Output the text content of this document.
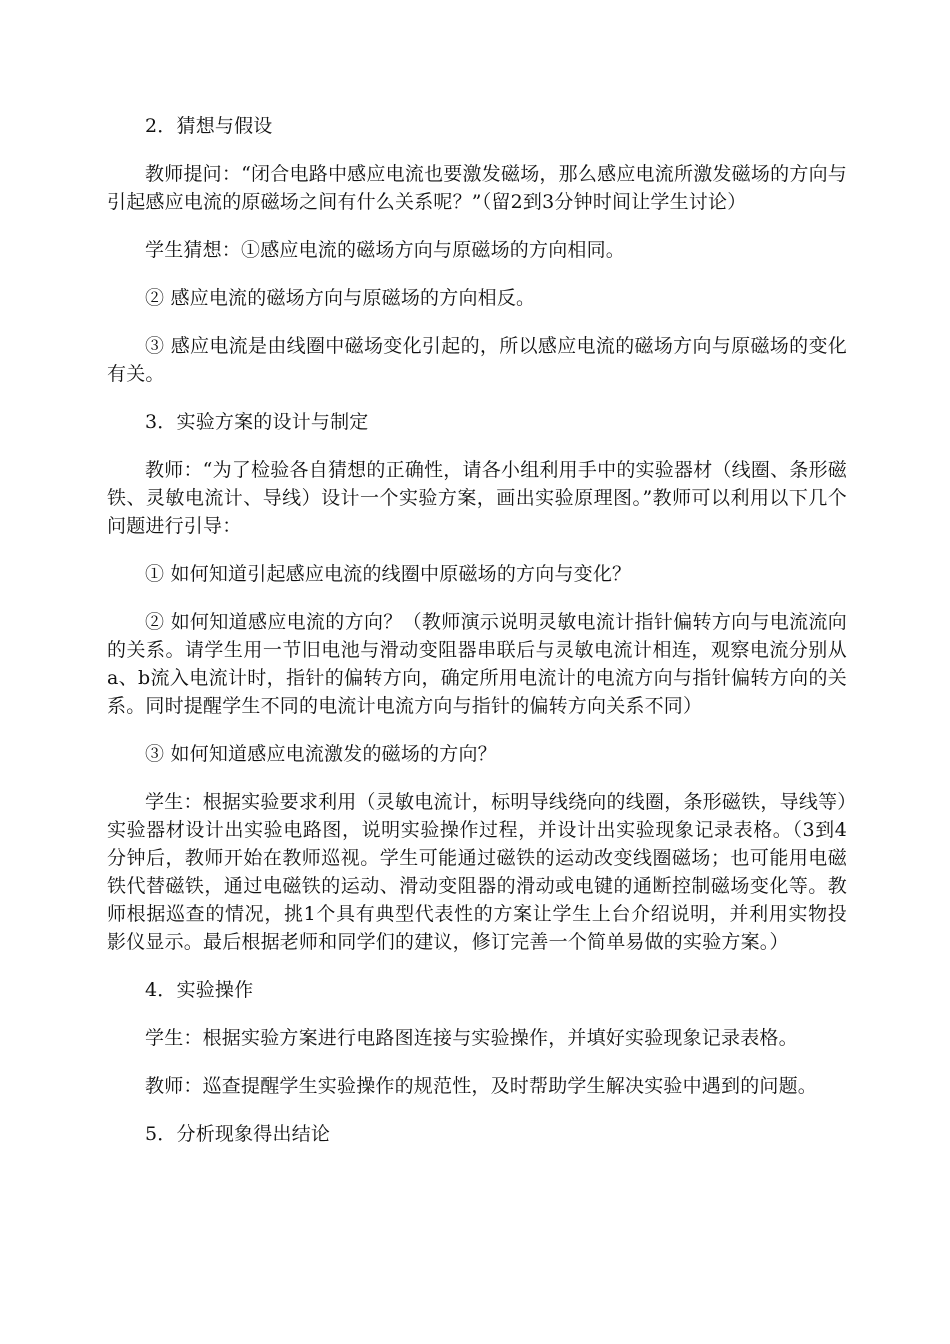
2．猜想与假设

教师提问：“闭合电路中感应电流也要激发磁场，那么感应电流所激发磁场的方向与引起感应电流的原磁场之间有什么关系呢？”（留2到3分钟时间让学生讨论）

学生猜想：①感应电流的磁场方向与原磁场的方向相同。

② 感应电流的磁场方向与原磁场的方向相反。

③ 感应电流是由线圈中磁场变化引起的，所以感应电流的磁场方向与原磁场的变化有关。

3．实验方案的设计与制定

教师：“为了检验各自猜想的正确性，请各小组利用手中的实验器材（线圈、条形磁铁、灵敏电流计、导线）设计一个实验方案，画出实验原理图。”教师可以利用以下几个问题进行引导：

① 如何知道引起感应电流的线圈中原磁场的方向与变化？

② 如何知道感应电流的方向？（教师演示说明灵敏电流计指针偏转方向与电流流向的关系。请学生用一节旧电池与滑动变阻器串联后与灵敏电流计相连，观察电流分别从a、b流入电流计时，指针的偏转方向，确定所用电流计的电流方向与指针偏转方向的关系。同时提醒学生不同的电流计电流方向与指针的偏转方向关系不同）

③ 如何知道感应电流激发的磁场的方向？

学生：根据实验要求利用（灵敏电流计，标明导线绕向的线圈，条形磁铁，导线等）实验器材设计出实验电路图，说明实验操作过程，并设计出实验现象记录表格。（3到4分钟后，教师开始在教师巡视。学生可能通过磁铁的运动改变线圈磁场；也可能用电磁铁代替磁铁，通过电磁铁的运动、滑动变阻器的滑动或电键的通断控制磁场变化等。教师根据巡查的情况，挑1个具有典型代表性的方案让学生上台介绍说明，并利用实物投影仪显示。最后根据老师和同学们的建议，修订完善一个简单易做的实验方案。）

4．实验操作

学生：根据实验方案进行电路图连接与实验操作，并填好实验现象记录表格。

教师：巡查提醒学生实验操作的规范性，及时帮助学生解决实验中遇到的问题。

5．分析现象得出结论
